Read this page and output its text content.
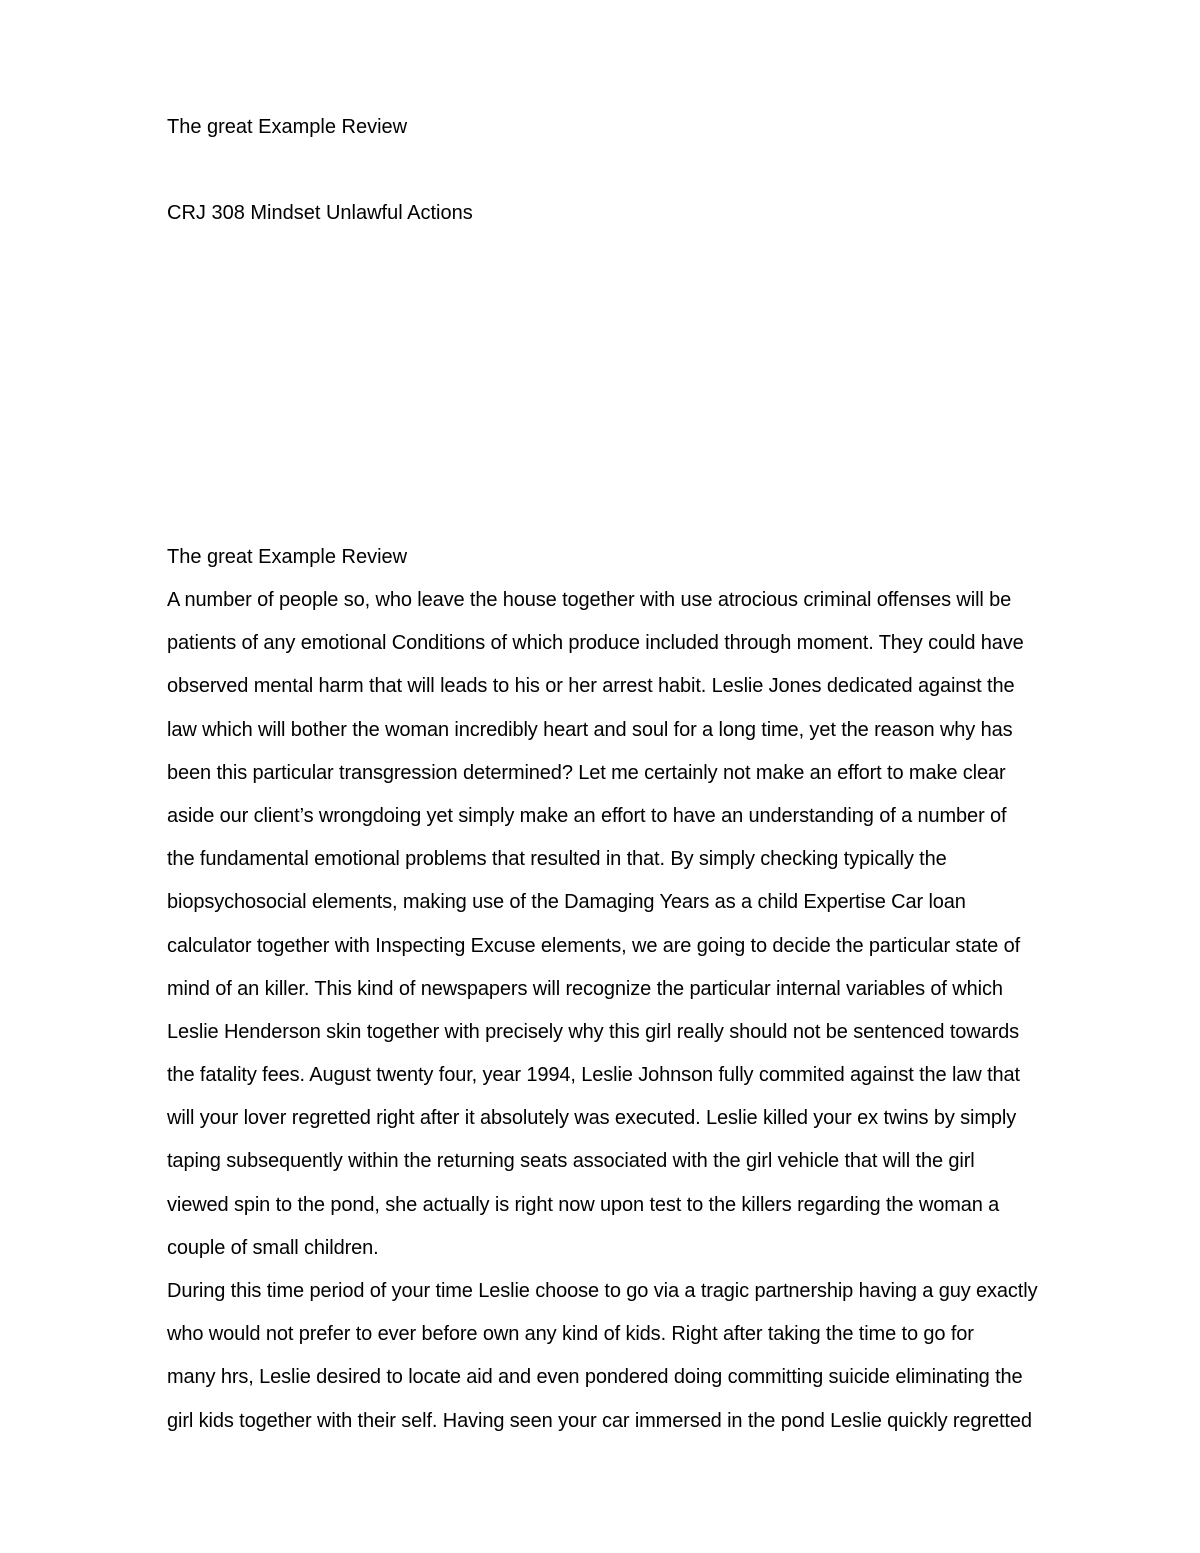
The great Example Review
CRJ 308 Mindset Unlawful Actions
The great Example Review
A number of people so, who leave the house together with use atrocious criminal offenses will be
patients of any emotional Conditions of which produce included through moment. They could have
observed mental harm that will leads to his or her arrest habit. Leslie Jones dedicated against the
law which will bother the woman incredibly heart and soul for a long time, yet the reason why has
been this particular transgression determined? Let me certainly not make an effort to make clear
aside our client’s wrongdoing yet simply make an effort to have an understanding of a number of
the fundamental emotional problems that resulted in that. By simply checking typically the
biopsychosocial elements, making use of the Damaging Years as a child Expertise Car loan
calculator together with Inspecting Excuse elements, we are going to decide the particular state of
mind of an killer. This kind of newspapers will recognize the particular internal variables of which
Leslie Henderson skin together with precisely why this girl really should not be sentenced towards
the fatality fees. August twenty four, year 1994, Leslie Johnson fully commited against the law that
will your lover regretted right after it absolutely was executed. Leslie killed your ex twins by simply
taping subsequently within the returning seats associated with the girl vehicle that will the girl
viewed spin to the pond, she actually is right now upon test to the killers regarding the woman a
couple of small children.
During this time period of your time Leslie choose to go via a tragic partnership having a guy exactly
who would not prefer to ever before own any kind of kids. Right after taking the time to go for
many hrs, Leslie desired to locate aid and even pondered doing committing suicide eliminating the
girl kids together with their self. Having seen your car immersed in the pond Leslie quickly regretted
